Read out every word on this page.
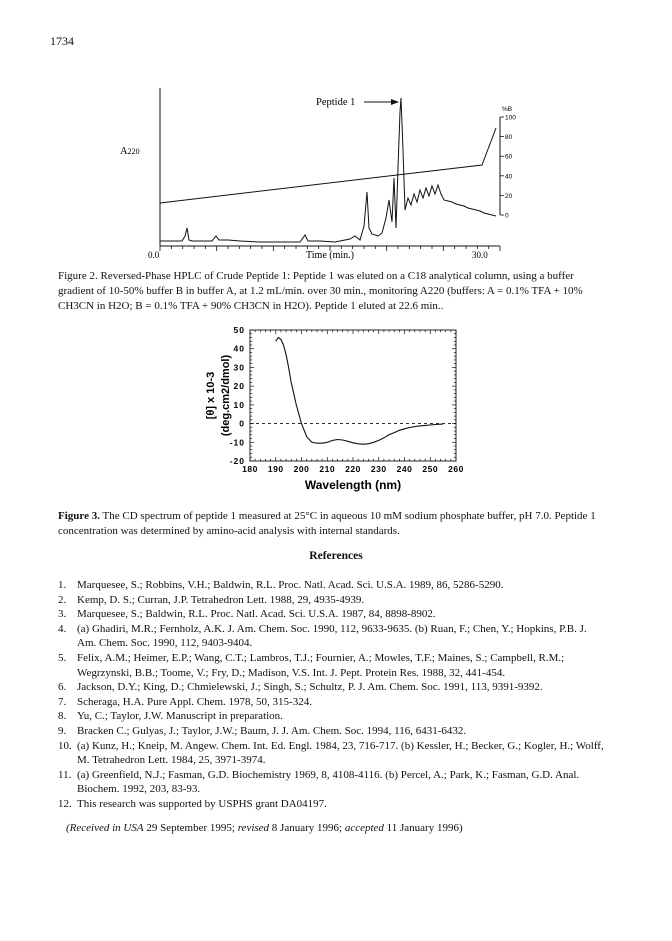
1734
A220
Peptide 1
%B
100
80
60
40
20
0
0.0	30.0
Time (min.)
Figure 2. Reversed-Phase HPLC of Crude Peptide 1: Peptide 1 was eluted on a C18 analytical column, using a buffer gradient of 10-50% buffer B in buffer A, at 1.2 mL/min. over 30 min., monitoring A220 (buffers: A = 0.1% TFA + 10% CH3CN in H2O; B = 0.1% TFA + 90% CH3CN in H2O). Peptide 1 eluted at 22.6 min..
180 190 200 210 220 230 240 250 260
50
40
30
20
10
0
-10
-20
[θ] x 10-3 (deg.cm2/dmol)
Wavelength (nm)
Figure 3. The CD spectrum of peptide 1 measured at 25°C in aqueous 10 mM sodium phosphate buffer, pH 7.0. Peptide 1 concentration was determined by amino-acid analysis with internal standards.
References
1. Marquesee, S.; Robbins, V.H.; Baldwin, R.L. Proc. Natl. Acad. Sci. U.S.A. 1989, 86, 5286-5290.
2. Kemp, D. S.; Curran, J.P. Tetrahedron Lett. 1988, 29, 4935-4939.
3. Marquesee, S.; Baldwin, R.L. Proc. Natl. Acad. Sci. U.S.A. 1987, 84, 8898-8902.
4. (a) Ghadiri, M.R.; Fernholz, A.K. J. Am. Chem. Soc. 1990, 112, 9633-9635. (b) Ruan, F.; Chen, Y.; Hopkins, P.B. J. Am. Chem. Soc. 1990, 112, 9403-9404.
5. Felix, A.M.; Heimer, E.P.; Wang, C.T.; Lambros, T.J.; Fournier, A.; Mowles, T.F.; Maines, S.; Campbell, R.M.; Wegrzynski, B.B.; Toome, V.; Fry, D.; Madison, V.S. Int. J. Pept. Protein Res. 1988, 32, 441-454.
6. Jackson, D.Y.; King, D.; Chmielewski, J.; Singh, S.; Schultz, P. J. Am. Chem. Soc. 1991, 113, 9391-9392.
7. Scheraga, H.A. Pure Appl. Chem. 1978, 50, 315-324.
8. Yu, C.; Taylor, J.W. Manuscript in preparation.
9. Bracken C.; Gulyas, J.; Taylor, J.W.; Baum, J. J. Am. Chem. Soc. 1994, 116, 6431-6432.
10. (a) Kunz, H.; Kneip, M. Angew. Chem. Int. Ed. Engl. 1984, 23, 716-717. (b) Kessler, H.; Becker, G.; Kogler, H.; Wolff, M. Tetrahedron Lett. 1984, 25, 3971-3974.
11. (a) Greenfield, N.J.; Fasman, G.D. Biochemistry 1969, 8, 4108-4116. (b) Percel, A.; Park, K.; Fasman, G.D. Anal. Biochem. 1992, 203, 83-93.
12. This research was supported by USPHS grant DA04197.
(Received in USA 29 September 1995; revised 8 January 1996; accepted 11 January 1996)
